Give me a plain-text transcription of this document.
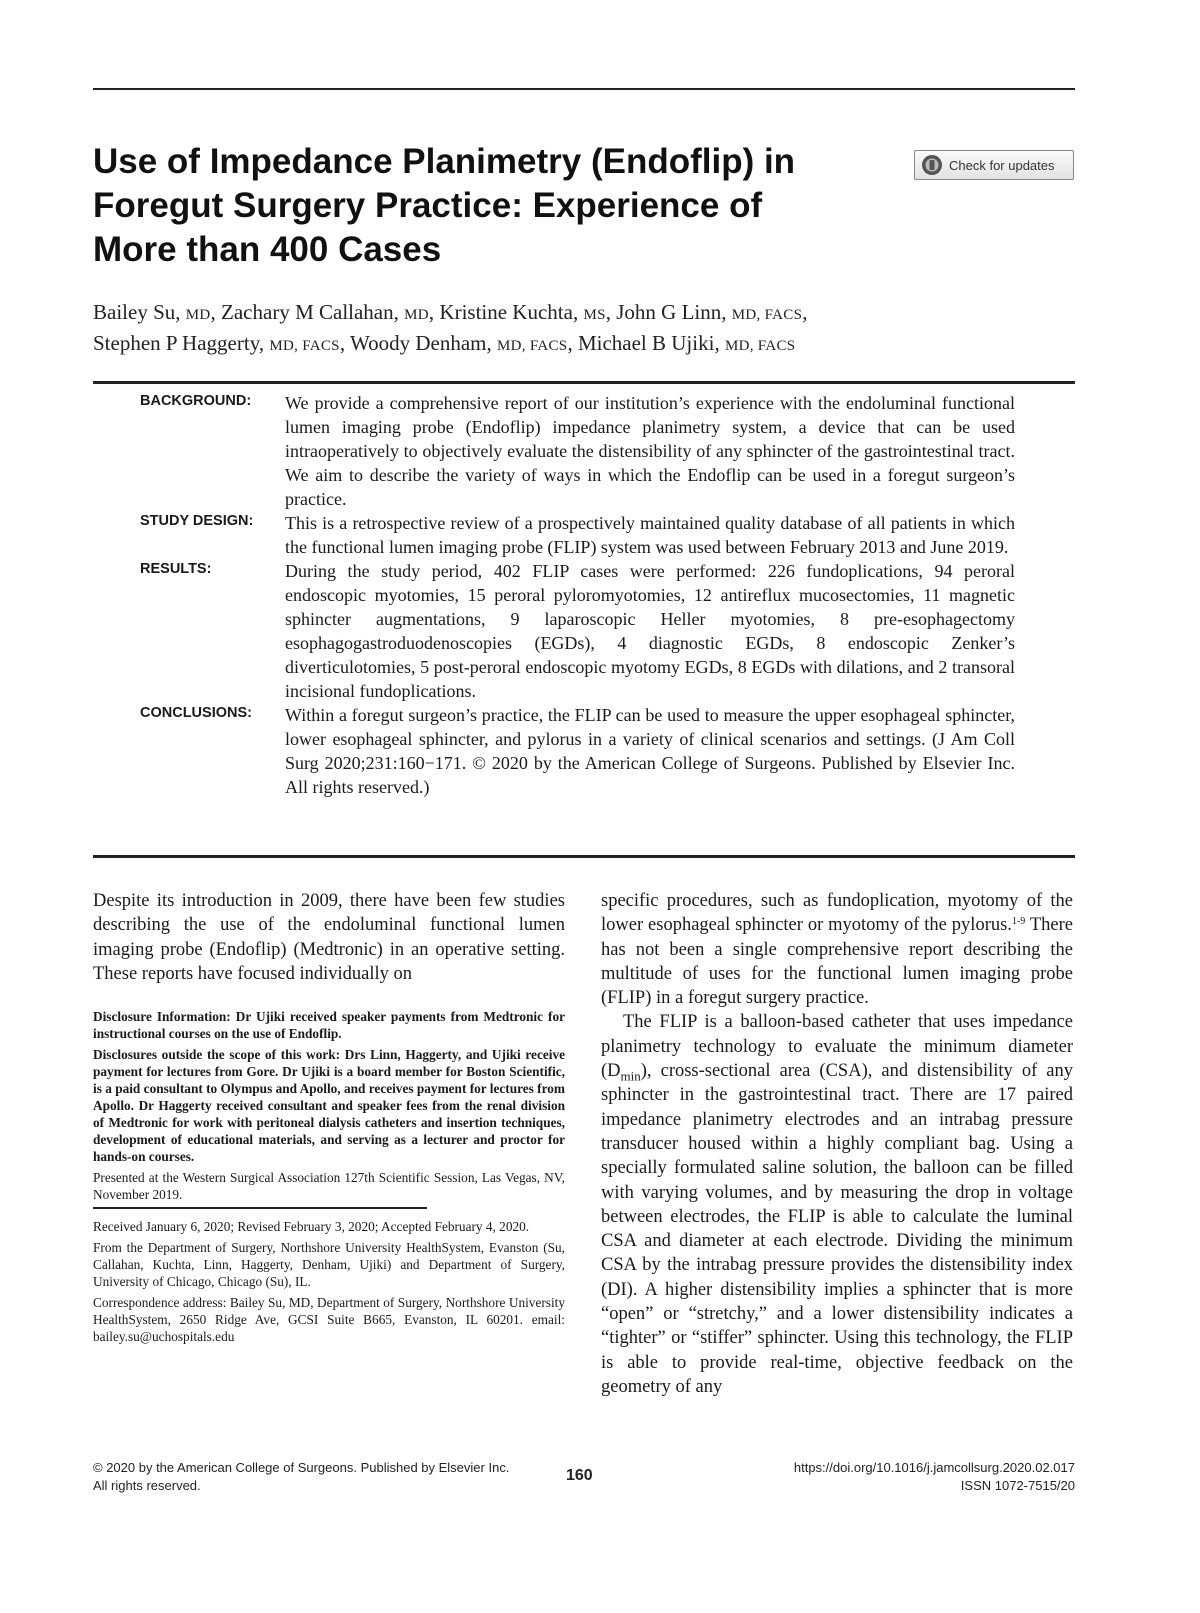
Use of Impedance Planimetry (Endoflip) in
Foregut Surgery Practice: Experience of
More than 400 Cases
Check for updates
Bailey Su, MD, Zachary M Callahan, MD, Kristine Kuchta, MS, John G Linn, MD, FACS,
Stephen P Haggerty, MD, FACS, Woody Denham, MD, FACS, Michael B Ujiki, MD, FACS
BACKGROUND:	We provide a comprehensive report of our institution’s experience with the endoluminal functional lumen imaging probe (Endoflip) impedance planimetry system, a device that can be used intraoperatively to objectively evaluate the distensibility of any sphincter of the gastrointestinal tract. We aim to describe the variety of ways in which the Endoflip can be used in a foregut surgeon’s practice.
STUDY DESIGN:	This is a retrospective review of a prospectively maintained quality database of all patients in which the functional lumen imaging probe (FLIP) system was used between February 2013 and June 2019.
RESULTS:	During the study period, 402 FLIP cases were performed: 226 fundoplications, 94 peroral endoscopic myotomies, 15 peroral pyloromyotomies, 12 antireflux mucosectomies, 11 magnetic sphincter augmentations, 9 laparoscopic Heller myotomies, 8 pre-esophagectomy esophagogastroduodenoscopies (EGDs), 4 diagnostic EGDs, 8 endoscopic Zenker’s diverticulotomies, 5 post-peroral endoscopic myotomy EGDs, 8 EGDs with dilations, and 2 transoral incisional fundoplications.
CONCLUSIONS:	Within a foregut surgeon’s practice, the FLIP can be used to measure the upper esophageal sphincter, lower esophageal sphincter, and pylorus in a variety of clinical scenarios and settings. (J Am Coll Surg 2020;231:160−171. © 2020 by the American College of Surgeons. Published by Elsevier Inc. All rights reserved.)

Despite its introduction in 2009, there have been few studies describing the use of the endoluminal functional lumen imaging probe (Endoflip) (Medtronic) in an operative setting. These reports have focused individually on

Disclosure Information: Dr Ujiki received speaker payments from Medtronic for instructional courses on the use of Endoflip.

Disclosures outside the scope of this work: Drs Linn, Haggerty, and Ujiki receive payment for lectures from Gore. Dr Ujiki is a board member for Boston Scientific, is a paid consultant to Olympus and Apollo, and receives payment for lectures from Apollo. Dr Haggerty received consultant and speaker fees from the renal division of Medtronic for work with peritoneal dialysis catheters and insertion techniques, development of educational materials, and serving as a lecturer and proctor for hands-on courses.

Presented at the Western Surgical Association 127th Scientific Session, Las Vegas, NV, November 2019.

Received January 6, 2020; Revised February 3, 2020; Accepted February 4, 2020.

From the Department of Surgery, Northshore University HealthSystem, Evanston (Su, Callahan, Kuchta, Linn, Haggerty, Denham, Ujiki) and Department of Surgery, University of Chicago, Chicago (Su), IL.

Correspondence address: Bailey Su, MD, Department of Surgery, Northshore University HealthSystem, 2650 Ridge Ave, GCSI Suite B665, Evanston, IL 60201. email: bailey.su@uchospitals.edu

specific procedures, such as fundoplication, myotomy of the lower esophageal sphincter or myotomy of the pylorus.$^{1-9}$ There has not been a single comprehensive report describing the multitude of uses for the functional lumen imaging probe (FLIP) in a foregut surgery practice.

The FLIP is a balloon-based catheter that uses impedance planimetry technology to evaluate the minimum diameter $(D_{min})$, cross-sectional area (CSA), and distensibility of any sphincter in the gastrointestinal tract. There are 17 paired impedance planimetry electrodes and an intrabag pressure transducer housed within a highly compliant bag. Using a specially formulated saline solution, the balloon can be filled with varying volumes, and by measuring the drop in voltage between electrodes, the FLIP is able to calculate the luminal CSA and diameter at each electrode. Dividing the minimum CSA by the intrabag pressure provides the distensibility index (DI). A higher distensibility implies a sphincter that is more “open” or “stretchy,” and a lower distensibility indicates a “tighter” or “stiffer” sphincter. Using this technology, the FLIP is able to provide real-time, objective feedback on the geometry of any

© 2020 by the American College of Surgeons. Published by Elsevier Inc.
All rights reserved.
160	https://doi.org/10.1016/j.jamcollsurg.2020.02.017
ISSN 1072-7515/20
